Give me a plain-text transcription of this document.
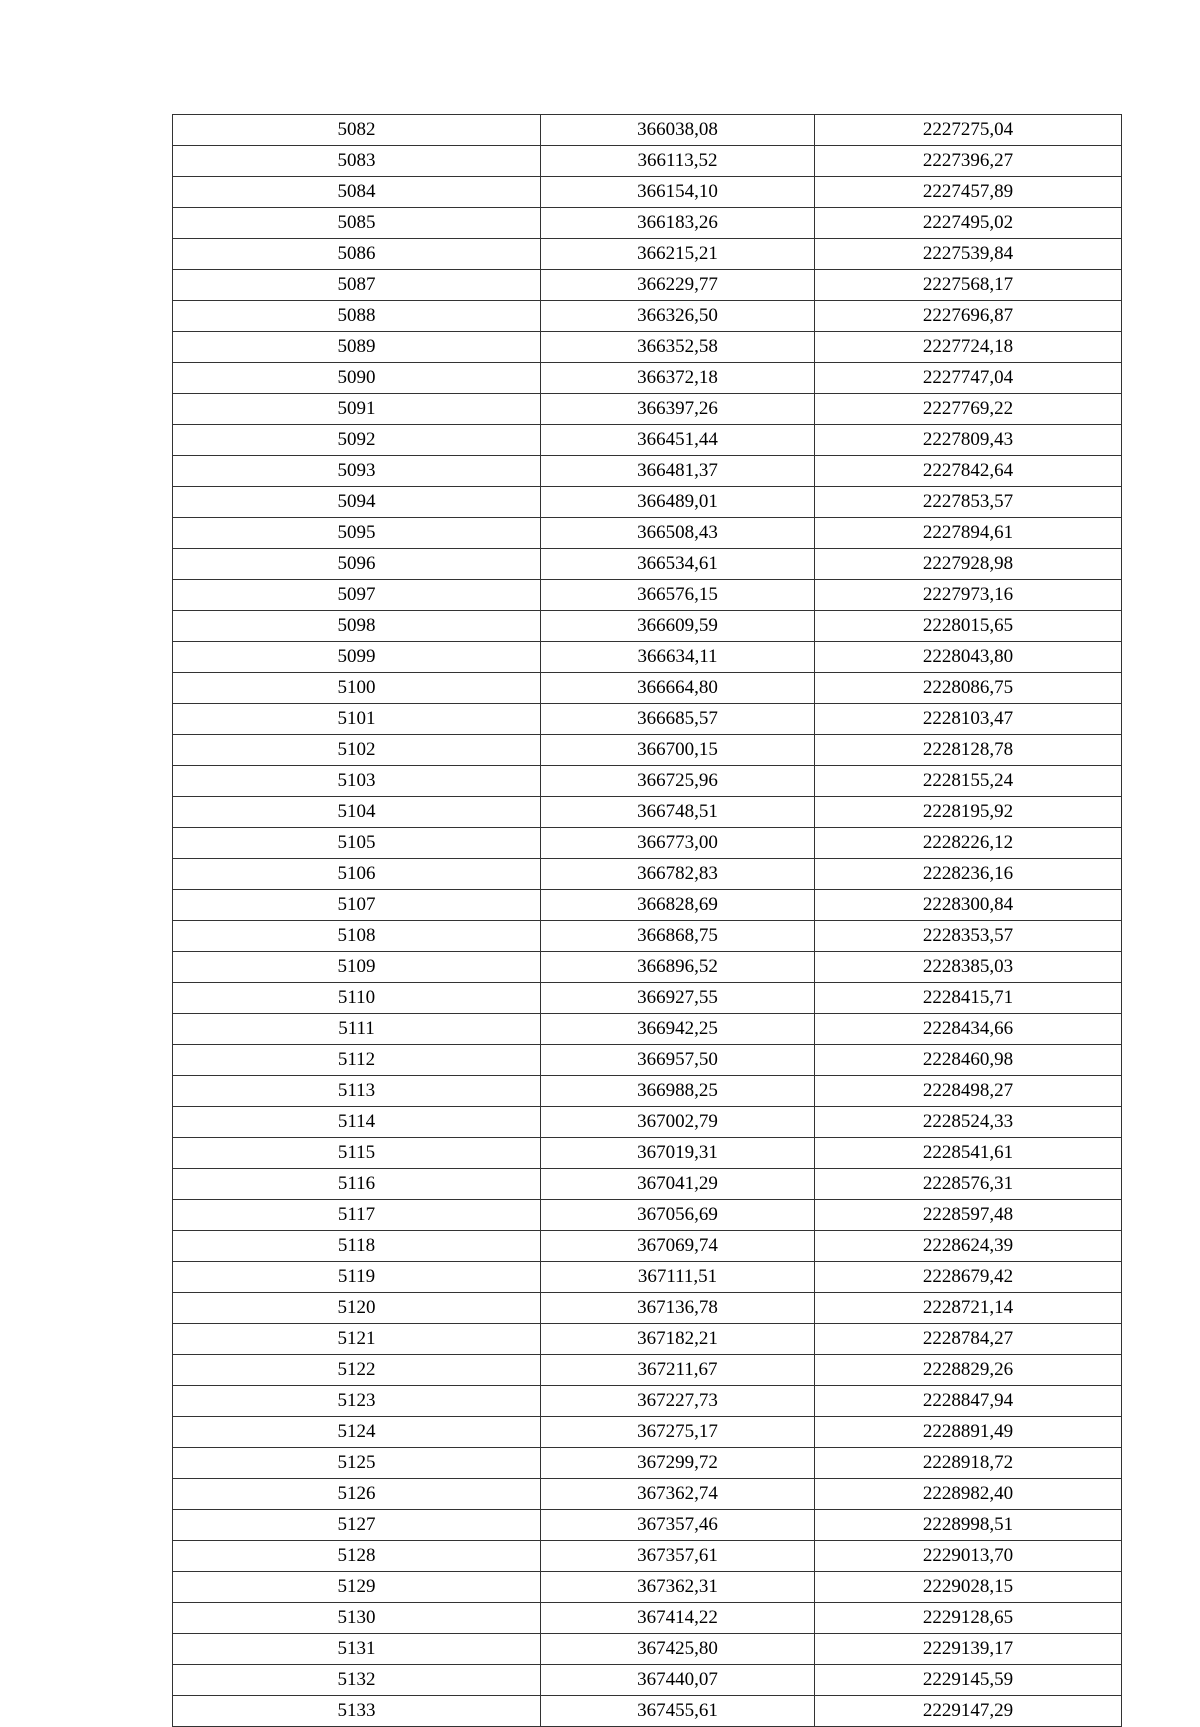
5082	366038,08	2227275,04
5083	366113,52	2227396,27
5084	366154,10	2227457,89
5085	366183,26	2227495,02
5086	366215,21	2227539,84
5087	366229,77	2227568,17
5088	366326,50	2227696,87
5089	366352,58	2227724,18
5090	366372,18	2227747,04
5091	366397,26	2227769,22
5092	366451,44	2227809,43
5093	366481,37	2227842,64
5094	366489,01	2227853,57
5095	366508,43	2227894,61
5096	366534,61	2227928,98
5097	366576,15	2227973,16
5098	366609,59	2228015,65
5099	366634,11	2228043,80
5100	366664,80	2228086,75
5101	366685,57	2228103,47
5102	366700,15	2228128,78
5103	366725,96	2228155,24
5104	366748,51	2228195,92
5105	366773,00	2228226,12
5106	366782,83	2228236,16
5107	366828,69	2228300,84
5108	366868,75	2228353,57
5109	366896,52	2228385,03
5110	366927,55	2228415,71
5111	366942,25	2228434,66
5112	366957,50	2228460,98
5113	366988,25	2228498,27
5114	367002,79	2228524,33
5115	367019,31	2228541,61
5116	367041,29	2228576,31
5117	367056,69	2228597,48
5118	367069,74	2228624,39
5119	367111,51	2228679,42
5120	367136,78	2228721,14
5121	367182,21	2228784,27
5122	367211,67	2228829,26
5123	367227,73	2228847,94
5124	367275,17	2228891,49
5125	367299,72	2228918,72
5126	367362,74	2228982,40
5127	367357,46	2228998,51
5128	367357,61	2229013,70
5129	367362,31	2229028,15
5130	367414,22	2229128,65
5131	367425,80	2229139,17
5132	367440,07	2229145,59
5133	367455,61	2229147,29
